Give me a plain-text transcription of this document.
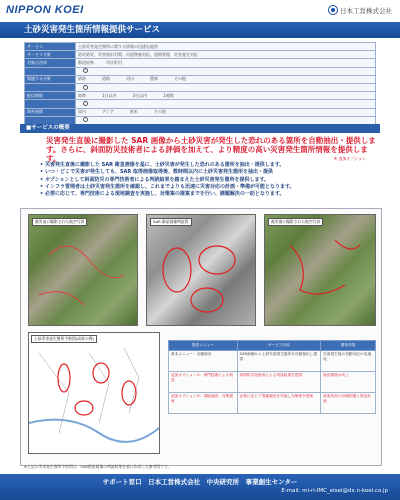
NIPPON KOEI	日本工営株式会社
土砂災害発生箇所情報提供サービス
サービス	土砂災害発生箇所に関する情報の迅速な提供
サービス分野	防災防災、災害復旧対策、河道閉塞対応、道路管理、災害査定対応
対象自治体	都道府県　　　市区町村

関連する分野	砂防　　　　道路　　　　河川　　　　農林　　　　その他

配信期限	即時　　　　1日以内　　　　3日以内　　　　1週間

海外展開	国内　　　　アジア　　　　欧米　　　　その他

■サービスの概要
災害発生直後に撮影した SAR 画像から土砂災害が発生した恐れのある箇所を自動抽出・提供します。さらに、斜面防災技術者による評価を加えて、より精度の高い災害発生箇所情報を提供します。	※ 追加オプション
• 災害発生直後に撮影した SAR 衛星画像を基に、土砂災害が発生した恐れのある箇所を抽出・提供します。
• いつ・どこで災害が発生しても、SAR 取得画像取得後、数時間以内に土砂災害発生箇所を抽出・提供
• オプションとして斜面防災の専門技術者による判読結果を踏まえた土砂災害発生箇所を提供します。
• インフラ管理者は土砂災害発生箇所を確認し、これまでよりも迅速に災害対応の計画・準備が可能となります。
• 必要に応じて、専門技術による現地調査を実施し、対策案の提案までを行い、課題解決の一助となります。
被災前に撮影された航空写真	SAR 衛星画像判読図	被災後に撮影された航空写真
土砂災害発生箇所予察図(成果の例)
提供メニュー	サービス内容	期待効果
基本メニュー：自動抽出	SAR画像から土砂災害発生箇所を自動抽出し提供	災害発生後の初動対応の迅速化
追加オプション①：専門技術による判読	斜面防災技術者による判読結果を提供	抽出精度の向上
追加オプション②：現地調査・対策提案	必要に応じて現地調査を実施し対策案を提案	被害状況の詳細把握と復旧計画
※上記の災害発生箇所予察図は、SAR衛星画像の判読結果を基に作成した参考図です。
サポート窓口　日本工営株式会社　中央研究所　事業創生センター
E-mail: mi-ri-IMC_eisei@dx.n-koei.co.jp
